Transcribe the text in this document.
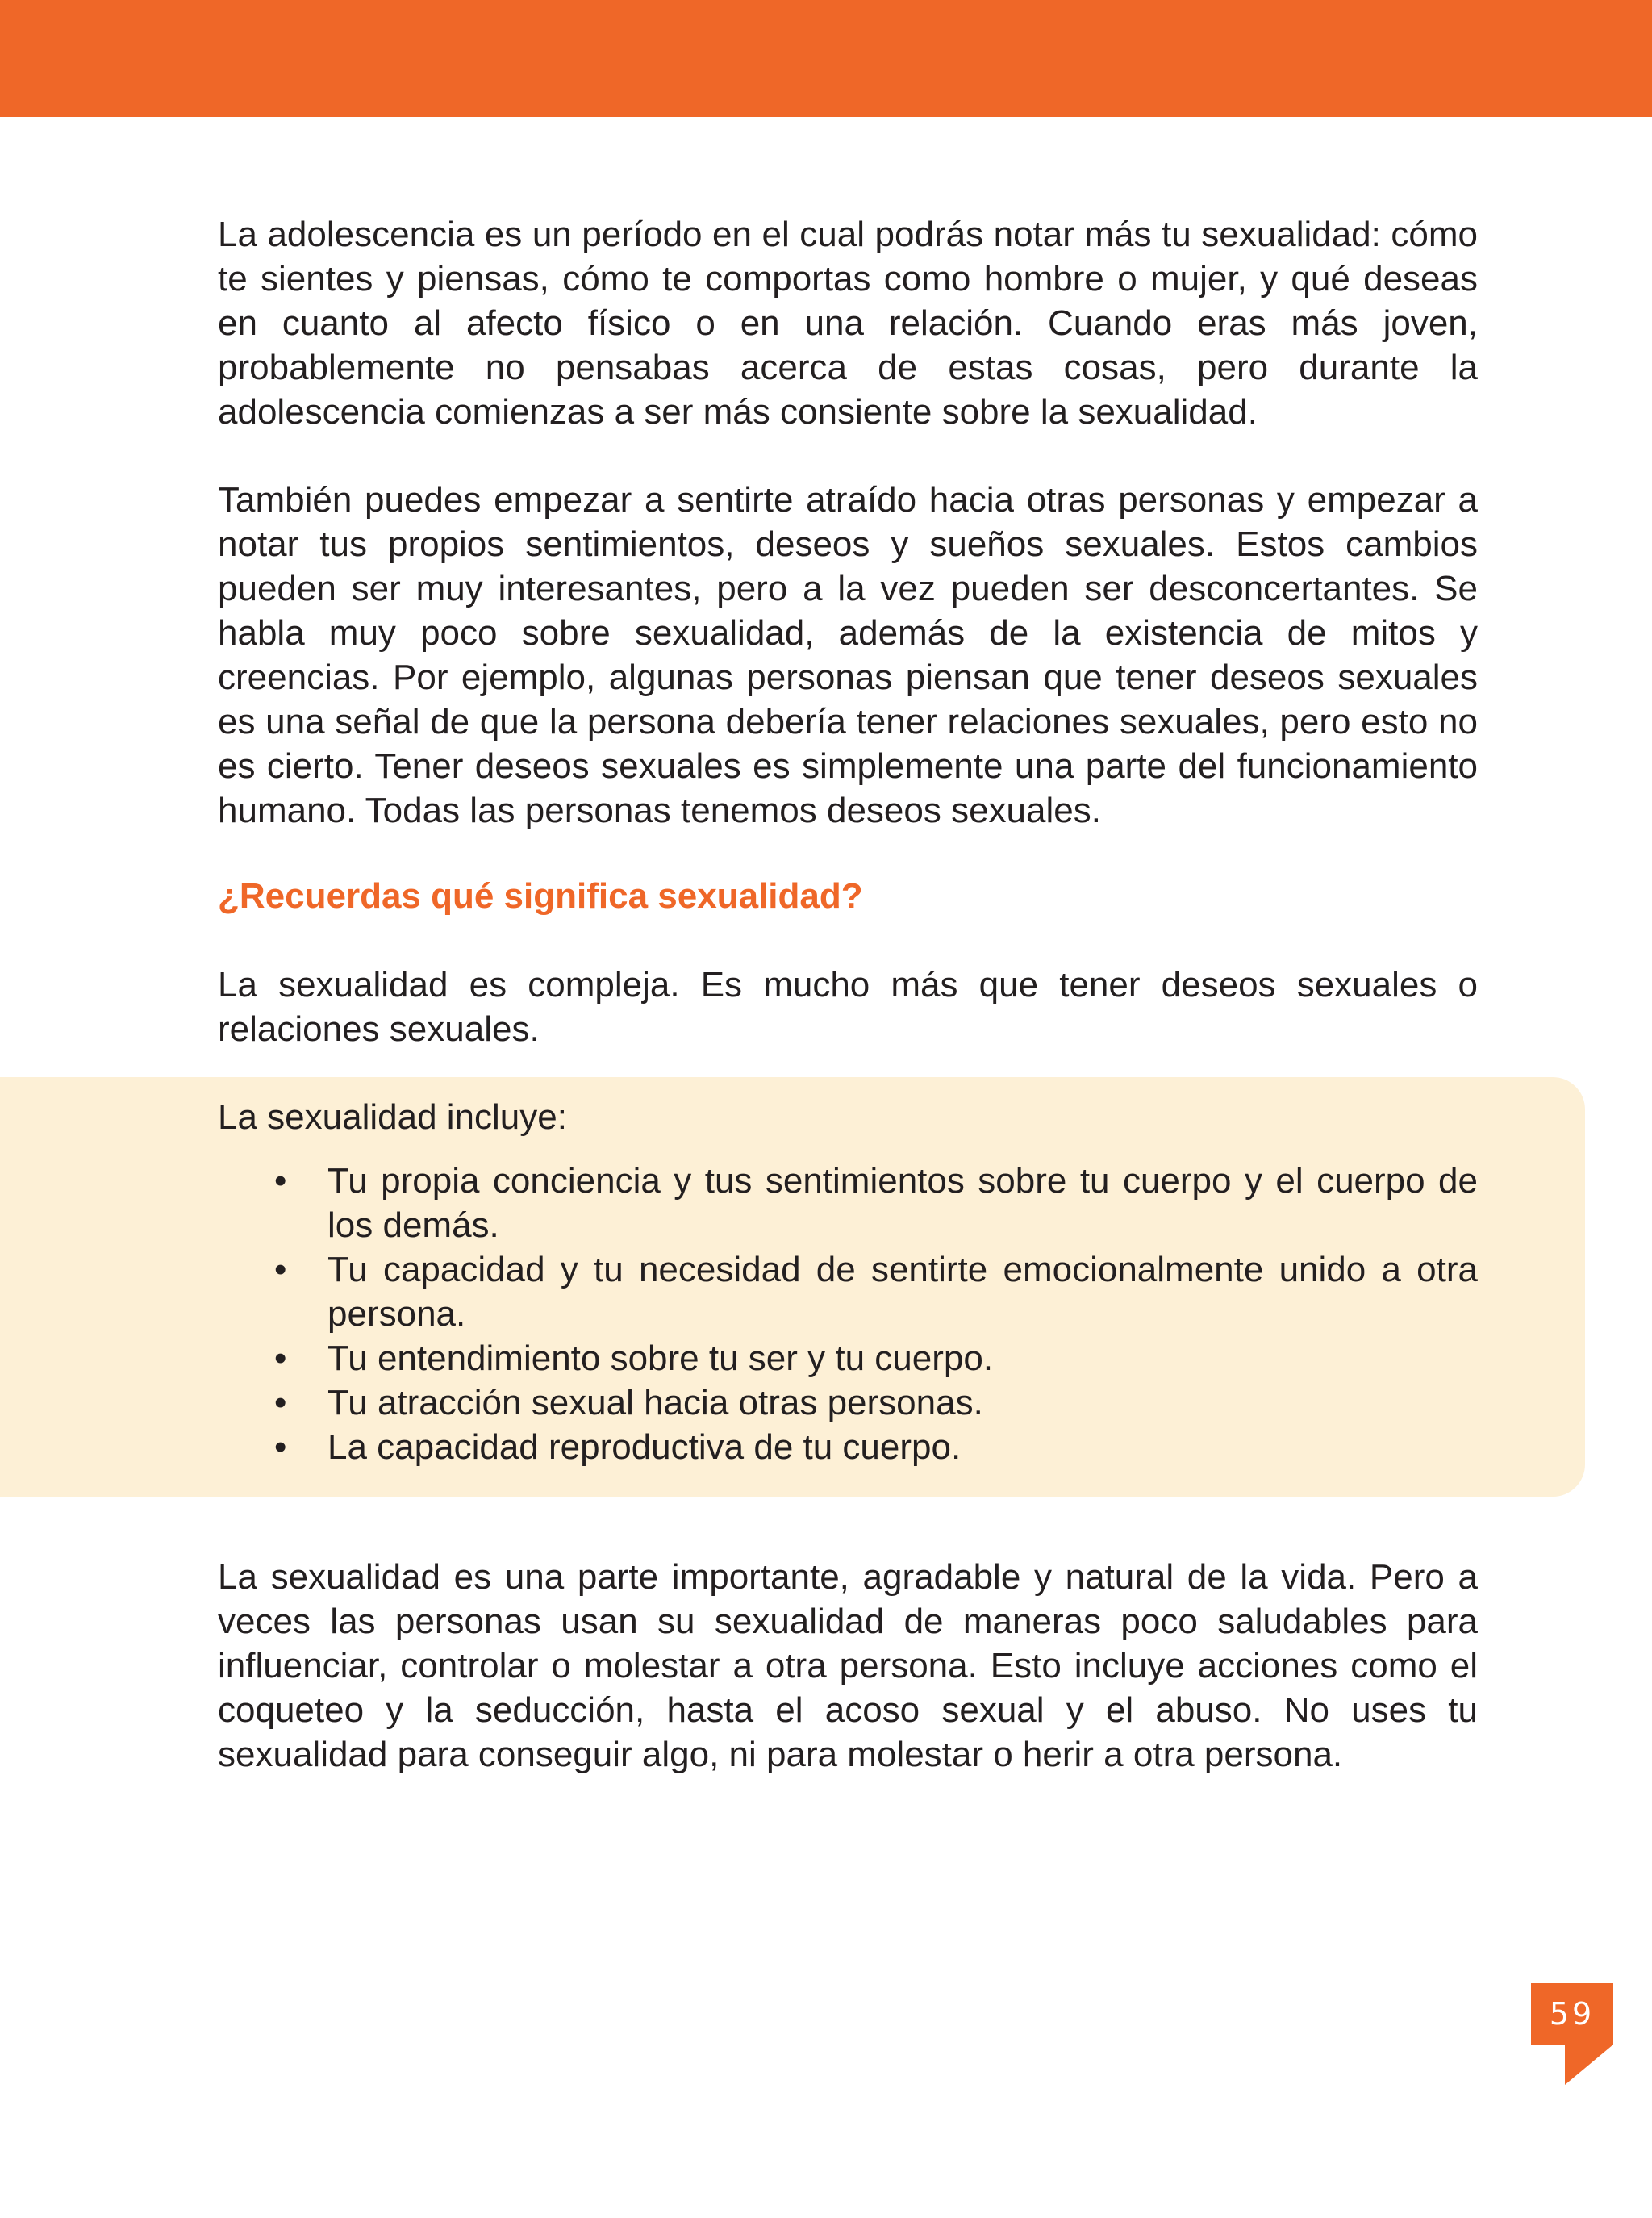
La adolescencia es un período en el cual podrás notar más tu sexualidad: cómo te sientes y piensas, cómo te comportas como hombre o mujer, y qué deseas en cuanto al afecto físico o en una relación. Cuando eras más joven, probablemente no pensabas acerca de estas cosas, pero durante la adolescencia comienzas a ser más consiente sobre la sexualidad.

También puedes empezar a sentirte atraído hacia otras personas y empezar a notar tus propios sentimientos, deseos y sueños sexuales. Estos cambios pueden ser muy interesantes, pero a la vez pueden ser desconcertantes. Se habla muy poco sobre sexualidad, además de la existencia de mitos y creencias. Por ejemplo, algunas personas piensan que tener deseos sexuales es una señal de que la persona debería tener relaciones sexuales, pero esto no es cierto. Tener deseos sexuales es simplemente una parte del funcionamiento humano. Todas las personas tenemos deseos sexuales.

¿Recuerdas qué significa sexualidad?

La sexualidad es compleja. Es mucho más que tener deseos sexuales o relaciones sexuales.

La sexualidad incluye:

• Tu propia conciencia y tus sentimientos sobre tu cuerpo y el cuerpo de los demás.
• Tu capacidad y tu necesidad de sentirte emocionalmente unido a otra persona.
• Tu entendimiento sobre tu ser y tu cuerpo.
• Tu atracción sexual hacia otras personas.
• La capacidad reproductiva de tu cuerpo.

La sexualidad es una parte importante, agradable y natural de la vida. Pero a veces las personas usan su sexualidad de maneras poco saludables para influenciar, controlar o molestar a otra persona. Esto incluye acciones como el coqueteo y la seducción, hasta el acoso sexual y el abuso. No uses tu sexualidad para conseguir algo, ni para molestar o herir a otra persona.

59
